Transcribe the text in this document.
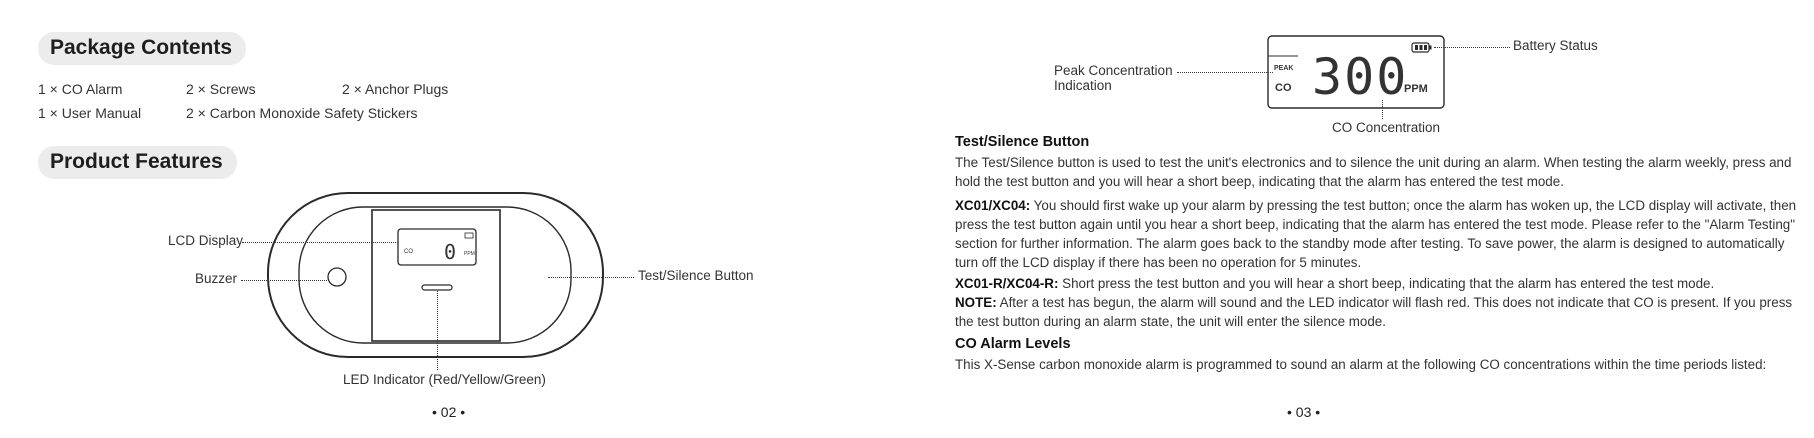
Package Contents
1 × CO Alarm	2 × Screws	2 × Anchor Plugs
1 × User Manual	2 × Carbon Monoxide Safety Stickers
Product Features
CO 0 PPM
LCD Display
Buzzer	Test/Silence Button
LED Indicator (Red/Yellow/Green)
• 02 •
PEAK
CO 300
PPM
Peak Concentration
Indication
Battery Status
CO Concentration
Test/Silence Button
The Test/Silence button is used to test the unit's electronics and to silence the unit during an alarm. When testing the alarm weekly, press and hold the test button and you will hear a short beep, indicating that the alarm has entered the test mode.
XC01/XC04: You should first wake up your alarm by pressing the test button; once the alarm has woken up, the LCD display will activate, then press the test button again until you hear a short beep, indicating that the alarm has entered the test mode. Please refer to the "Alarm Testing" section for further information. The alarm goes back to the standby mode after testing. To save power, the alarm is designed to automatically turn off the LCD display if there has been no operation for 5 minutes.
XC01-R/XC04-R: Short press the test button and you will hear a short beep, indicating that the alarm has entered the test mode.
NOTE: After a test has begun, the alarm will sound and the LED indicator will flash red. This does not indicate that CO is present. If you press the test button during an alarm state, the unit will enter the silence mode.
CO Alarm Levels
This X-Sense carbon monoxide alarm is programmed to sound an alarm at the following CO concentrations within the time periods listed:
• 03 •
